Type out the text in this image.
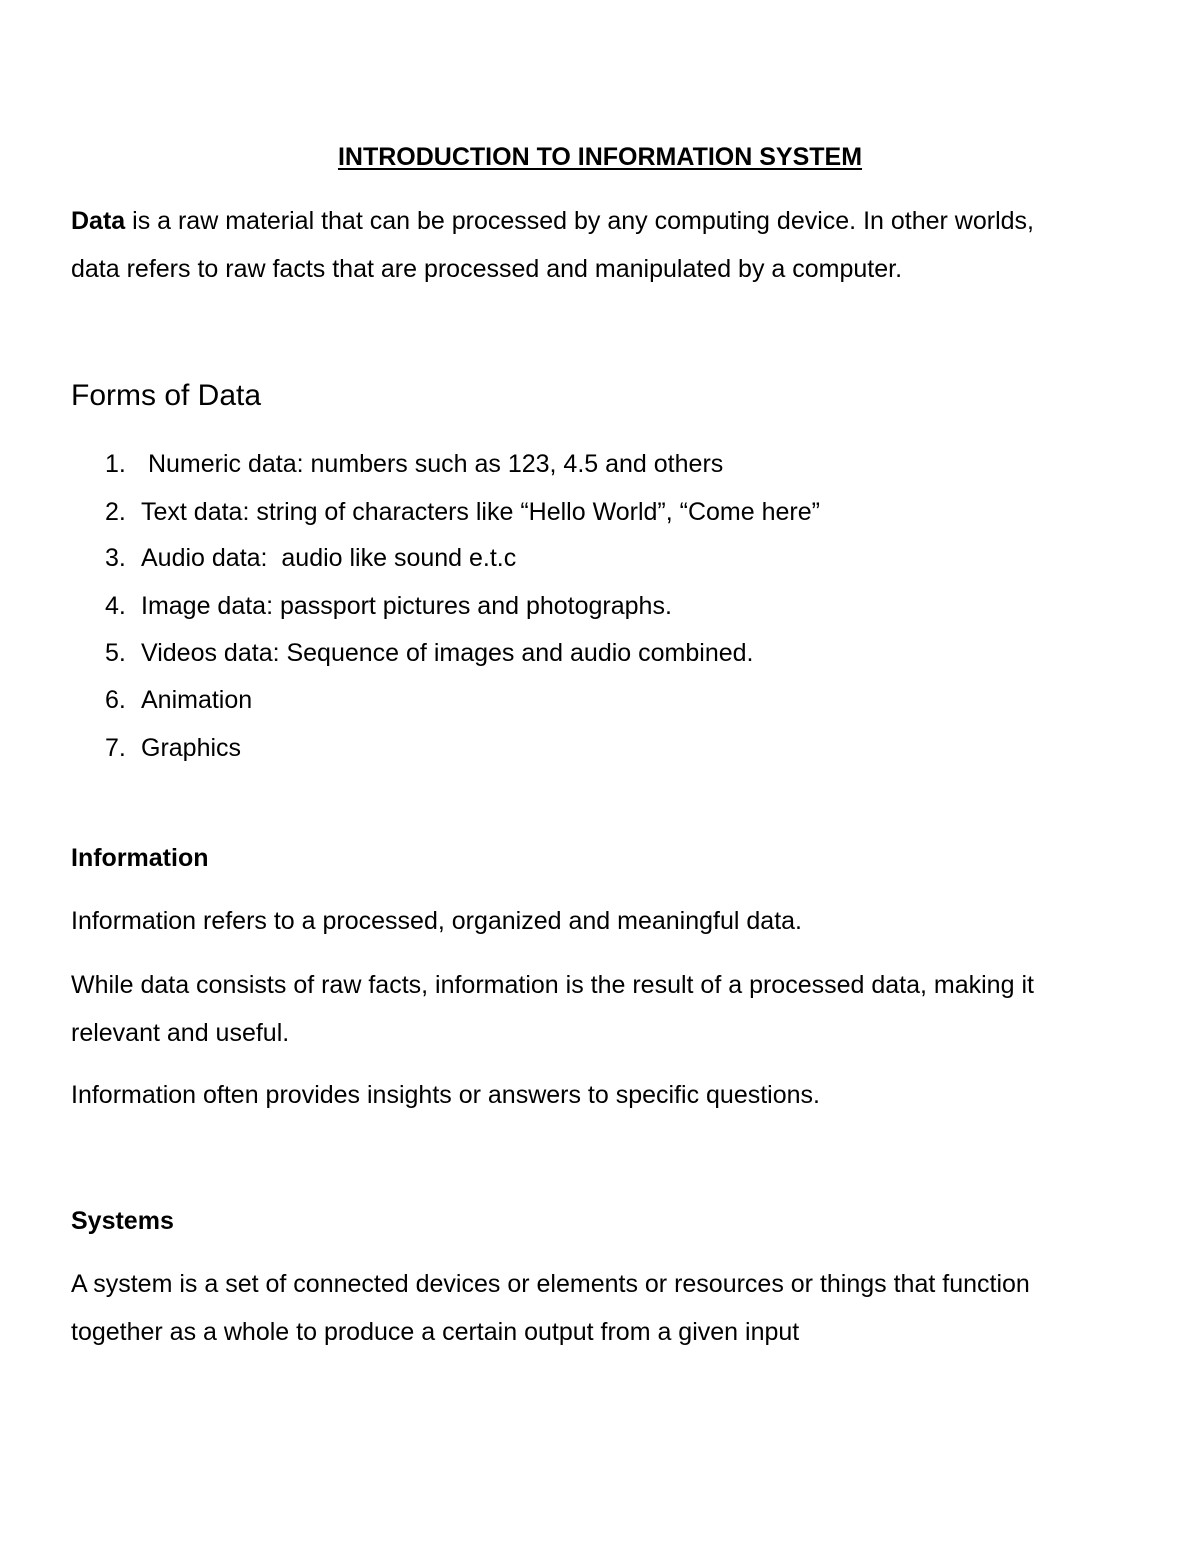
INTRODUCTION TO INFORMATION SYSTEM
Data is a raw material that can be processed by any computing device. In other worlds,
data refers to raw facts that are processed and manipulated by a computer.
Forms of Data
1. Numeric data: numbers such as 123, 4.5 and others
2. Text data: string of characters like “Hello World”, “Come here”
3. Audio data:  audio like sound e.t.c
4. Image data: passport pictures and photographs.
5. Videos data: Sequence of images and audio combined.
6. Animation
7. Graphics
Information
Information refers to a processed, organized and meaningful data.
While data consists of raw facts, information is the result of a processed data, making it
relevant and useful.
Information often provides insights or answers to specific questions.
Systems
A system is a set of connected devices or elements or resources or things that function
together as a whole to produce a certain output from a given input
